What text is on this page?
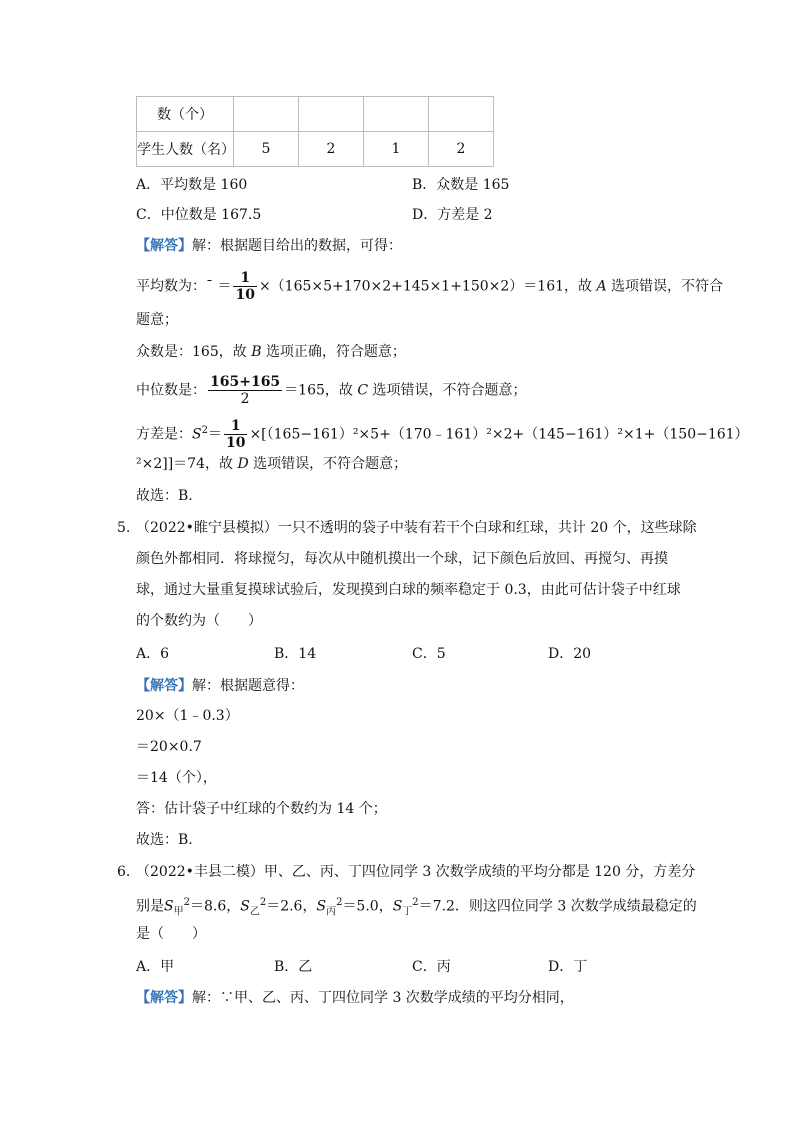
数（个）				
学生人数（名）	5	2	1	2
A．平均数是 160	B．众数是 165
C．中位数是 167.5	D．方差是 2
【解答】解：根据题目给出的数据，可得：
平均数为：¯ ＝ $\frac{1}{10} \times(165\times 5+170\times 2+145\times 1+150\times 2)=161$，故 A 选项错误，不符合
题意；
众数是：165，故 B 选项正确，符合题意；
中位数是： $\frac{165+165}{2} =165$，故 C 选项错误，不符合题意；
方差是：$S^2= \frac{1}{10}$ ×[（165−161）²×5+（170﹣161）²×2+（145−161）²×1+（150−161）
²×2]]＝74，故 D 选项错误，不符合题意；
故选：B.
5. （2022•睢宁县模拟）一只不透明的袋子中装有若干个白球和红球，共计 20 个，这些球除
颜色外都相同．将球搅匀，每次从中随机摸出一个球，记下颜色后放回、再搅匀、再摸
球，通过大量重复摸球试验后，发现摸到白球的频率稳定于 0.3，由此可估计袋子中红球
的个数约为（　　）
A．6	B．14	C．5	D．20
【解答】解：根据题意得：
20×（1﹣0.3）
＝20×0.7
＝14（个），
答：估计袋子中红球的个数约为 14 个；
故选：B.
6. （2022•丰县二模）甲、乙、丙、丁四位同学 3 次数学成绩的平均分都是 120 分，方差分
别是$S_甲^2=8.6$，$S_乙^2=2.6$，$S_丙^2=5.0$，$S_丁^2=7.2$．则这四位同学 3 次数学成绩最稳定的
是（　　）
A．甲	B．乙	C．丙	D．丁
【解答】解：∵甲、乙、丙、丁四位同学 3 次数学成绩的平均分相同，
